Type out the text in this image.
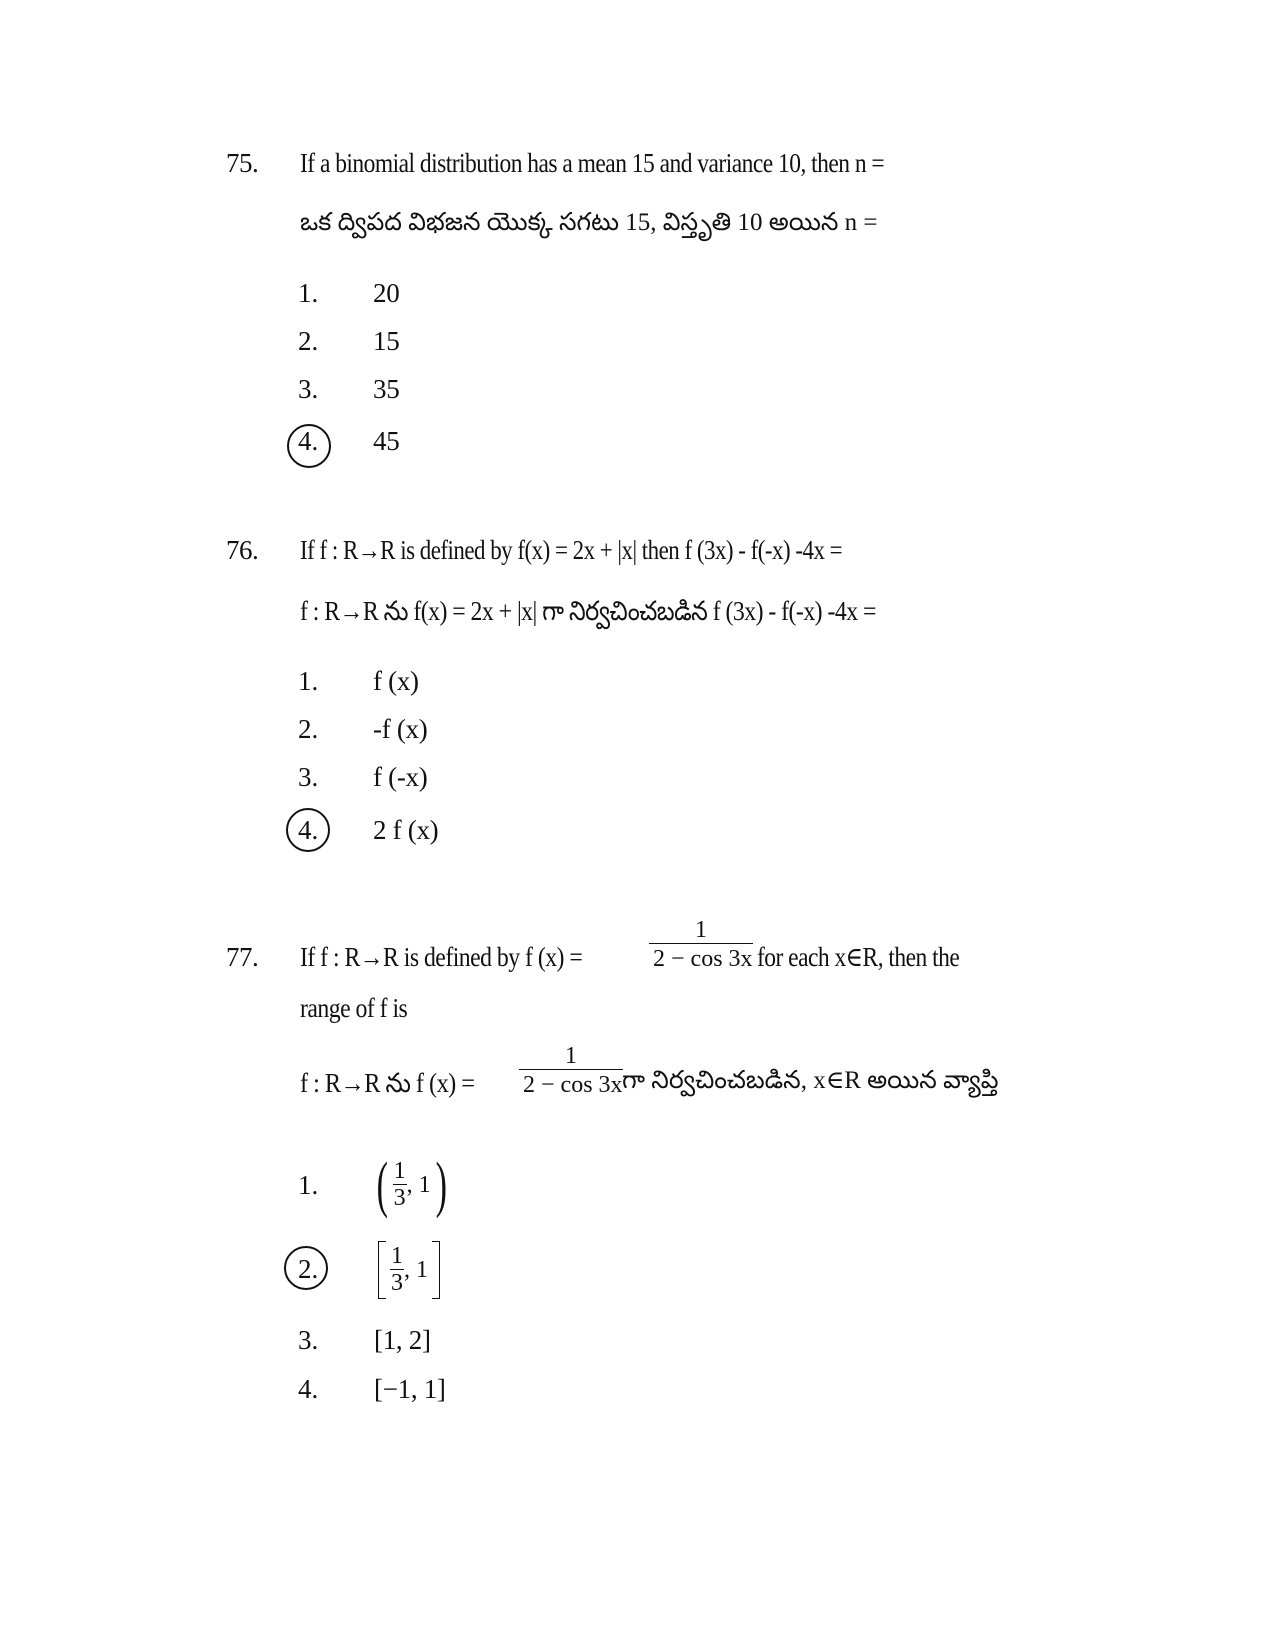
75. If a binomial distribution has a mean 15 and variance 10, then n =
ఒక ద్విపద విభజన యొక్క సగటు 15, విస్తృతి 10 అయిన n =
1. 20
2. 15
3. 35
4. 45
76. If f : R→R is defined by f(x) = 2x + |x| then f (3x) - f(-x) -4x =
f : R→R ను f(x) = 2x + |x| గా నిర్వచించబడిన f (3x) - f(-x) -4x =
1. f (x)
2. -f (x)
3. f (-x)
4. 2 f (x)
77. If f : R→R is defined by f (x) =	$\frac{1}{2 - \cos 3x}$ for each x∈R, then the
range of f is
f : R→R ను f $(x) = \frac{1}{2 - \cos 3x}$ గా నిర్వచించబడిన, x∈R అయిన వ్యాప్తి
1. ( $\frac{1}{3}$ , 1 )
2.	$\frac{1}{3}$ , 1
3. [1, 2]
4. [−1, 1]
